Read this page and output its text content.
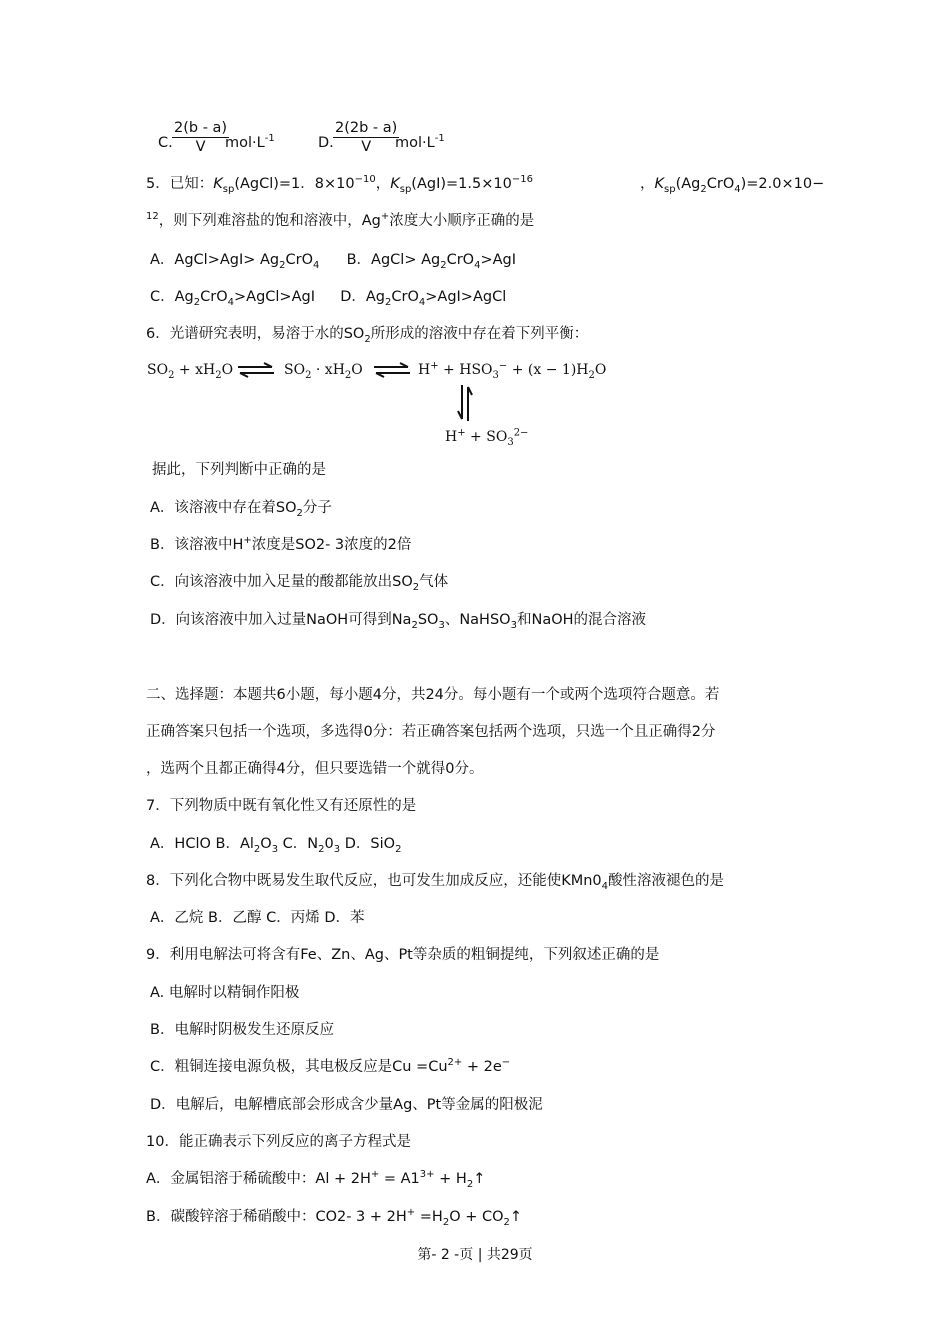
C. $\frac{2(b - a)}{V}$
$mol\cdot L^{-1}$	D. $\frac{2(2b - a)}{V}$
$mol\cdot L^{-1}$
5．已知：$K_{sp}(AgCl)=1$．$8\times 10^{-10}$，$K_{sp}(AgI)=1.5\times 10^{-16}$	，$K_{sp}(Ag_2CrO_4)=2.0\times 10-$
$^{12}$，则下列难溶盐的饱和溶液中，Ag+浓度大小顺序正确的是
A．AgCl>AgI> $Ag_2CrO_4$ B．AgCl> $Ag_2CrO_4>AgI$
C．$Ag_2CrO_4>AgCl>AgI$ D．$Ag_2CrO_4>AgI>AgCl$
6．光谱研究表明，易溶于水的$SO_2$所形成的溶液中存在着下列平衡：
$SO_2 + xH_2O$ ⇌ $SO_2 \cdot xH_2O$ ⇌ $H^+ + HSO_3^- + (x - 1)H_2O$
$H^+ + SO_3^{2-}$
据此，下列判断中正确的是
A．该溶液中存在着$SO_2$分子
B．该溶液中H+浓度是SO2- 3浓度的2倍
C．向该溶液中加入足量的酸都能放出$SO_2$气体
D．向该溶液中加入过量NaOH可得到$Na_2SO_3$、NaHSO$_3$和NaOH的混合溶液
二、选择题：本题共6小题，每小题4分，共24分。每小题有一个或两个选项符合题意。若
正确答案只包括一个选项，多选得0分：若正确答案包括两个选项，只选一个且正确得2分
，选两个且都正确得4分，但只要选错一个就得0分。
7．下列物质中既有氧化性又有还原性的是
A．HClO B．$Al_2O_3$ C．$N_20_3$ D．SiO$_2$
8．下列化合物中既易发生取代反应，也可发生加成反应，还能使$KMn0_4$酸性溶液褪色的是
A．乙烷 B．乙醇 C．丙烯 D．苯
9．利用电解法可将含有Fe、Zn、Ag、Pt等杂质的粗铜提纯，下列叙述正确的是
A. 电解时以精铜作阳极
B．电解时阴极发生还原反应
C．粗铜连接电源负极，其电极反应是$Cu =Cu^{2+} + 2e^-$
D．电解后，电解槽底部会形成含少量Ag、Pt等金属的阳极泥
10．能正确表示下列反应的离子方程式是
A．金属铝溶于稀硫酸中：$Al + 2H^+ = A1^{3+}$ + $H_2↑$
B．碳酸锌溶于稀硝酸中：CO2- $3 + 2H^+ =H_2O$ + $CO_2↑$
第- 2 -页 | 共29页
